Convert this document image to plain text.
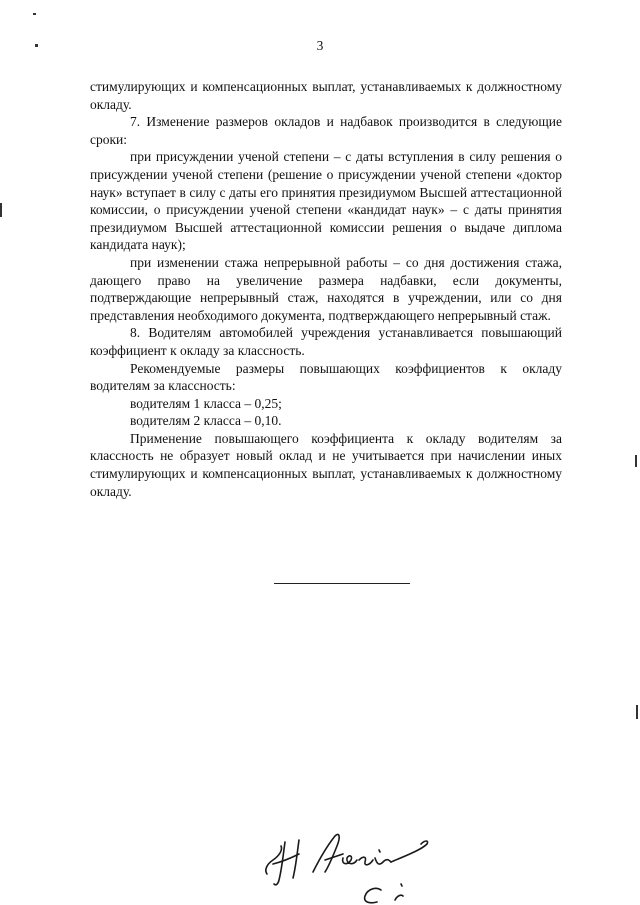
3

стимулирующих и компенсационных выплат, устанавливаемых к должностному окладу.

7. Изменение размеров окладов и надбавок производится в следующие сроки:

при присуждении ученой степени – с даты вступления в силу решения о присуждении ученой степени (решение о присуждении ученой степени «доктор наук» вступает в силу с даты его принятия президиумом Высшей аттестационной комиссии, о присуждении ученой степени «кандидат наук» – с даты принятия президиумом Высшей аттестационной комиссии решения о выдаче диплома кандидата наук);

при изменении стажа непрерывной работы – со дня достижения стажа, дающего право на увеличение размера надбавки, если документы, подтверждающие непрерывный стаж, находятся в учреждении, или со дня представления необходимого документа, подтверждающего непрерывный стаж.

8. Водителям автомобилей учреждения устанавливается повышающий коэффициент к окладу за классность.

Рекомендуемые размеры повышающих коэффициентов к окладу водителям за классность:

водителям 1 класса – 0,25;

водителям 2 класса – 0,10.

Применение повышающего коэффициента к окладу водителям за классность не образует новый оклад и не учитывается при начислении иных стимулирующих и компенсационных выплат, устанавливаемых к должностному окладу.
